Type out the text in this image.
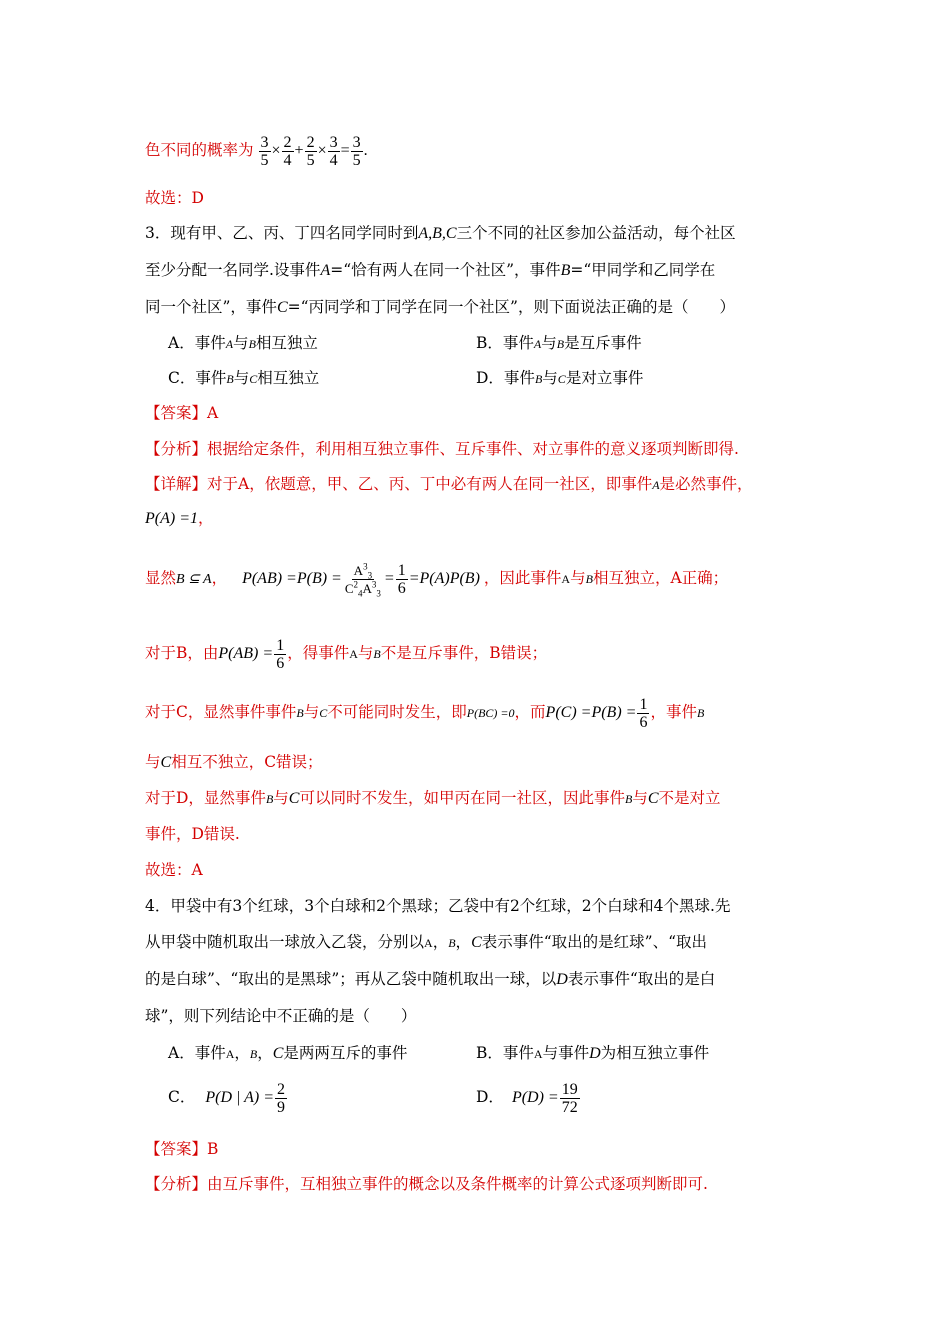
色不同的概率为 $\frac{3}{5} \times \frac{2}{4} + \frac{2}{5} \times \frac{3}{4} = \frac{3}{5}$ .
故选：D
3．现有甲、乙、丙、丁四名同学同时到A,B,C三个不同的社区参加公益活动，每个社区
至少分配一名同学.设事件A=“恰有两人在同一个社区”，事件B=“甲同学和乙同学在
同一个社区”，事件C=“丙同学和丁同学在同一个社区”，则下面说法正确的是（　　）
A．事件A与B相互独立	B．事件A与B是互斥事件
C．事件B与C相互独立	D．事件B与C是对立事件
【答案】A
【分析】根据给定条件，利用相互独立事件、互斥事件、对立事件的意义逐项判断即得.
【详解】对于A，依题意，甲、乙、丙、丁中必有两人在同一社区，即事件A是必然事件，
P(A) =1，
显然B ⊆ A， $P(AB) =P(B) = \frac{A^3_3}{C^2_4A^3_3} = \frac{1}{6} =P(A)P(B)$ ，因此事件A与B相互独立，A正确；
对于B，由$P(AB) = \frac{1}{6}$ ，得事件A与B不是互斥事件，B错误；
对于C，显然事件事件B与C不可能同时发生，即P(BC) =0，而$P(C) =P(B) = \frac{1}{6}$ ，事件B
与C相互不独立，C错误；
对于D，显然事件B与C可以同时不发生，如甲丙在同一社区，因此事件B与C不是对立
事件，D错误.
故选：A
4．甲袋中有3个红球，3个白球和2个黑球；乙袋中有2个红球，2个白球和4个黑球.先
从甲袋中随机取出一球放入乙袋，分别以A，B，C表示事件“取出的是红球”、“取出
的是白球”、“取出的是黑球”；再从乙袋中随机取出一球，以D表示事件“取出的是白
球”，则下列结论中不正确的是（　　）
A．事件A，B，C是两两互斥的事件	B．事件A与事件D为相互独立事件
C． P(D | $A) = \frac{2}{9}$	D． $P(D) = \frac{19}{72}$
【答案】B
【分析】由互斥事件，互相独立事件的概念以及条件概率的计算公式逐项判断即可.
